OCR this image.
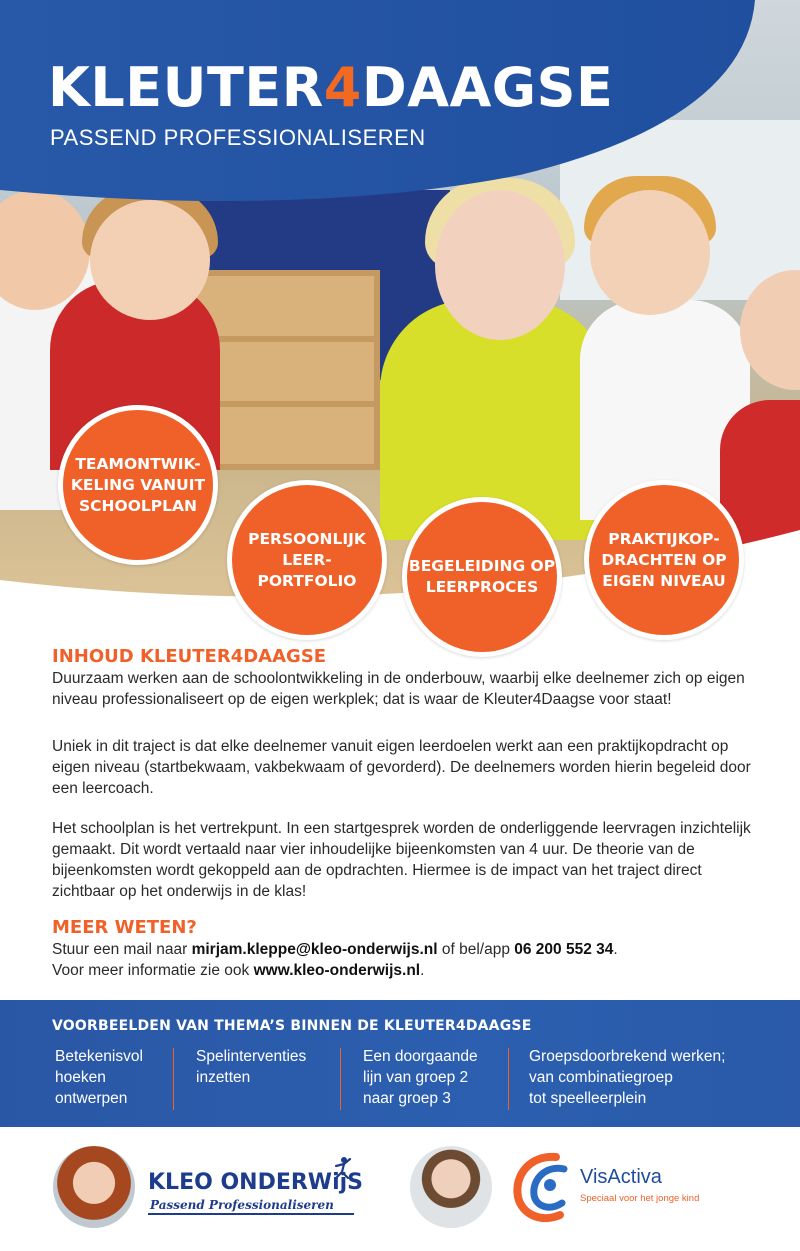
KLEUTER4DAAGSE
PASSEND PROFESSIONALISEREN
TEAMONTWIK-
KELING VANUIT
SCHOOLPLAN
PERSOONLIJK
LEER-
PORTFOLIO
BEGELEIDING OP
LEERPROCES
PRAKTIJKOP-
DRACHTEN OP
EIGEN NIVEAU
INHOUD KLEUTER4DAAGSE

Duurzaam werken aan de schoolontwikkeling in de onderbouw, waarbij elke deelnemer zich op eigen niveau professionaliseert op de eigen werkplek; dat is waar de Kleuter4Daagse voor staat!

Uniek in dit traject is dat elke deelnemer vanuit eigen leerdoelen werkt aan een praktijkopdracht op eigen niveau (startbekwaam, vakbekwaam of gevorderd). De deelnemers worden hierin begeleid door een leercoach.

Het schoolplan is het vertrekpunt. In een startgesprek worden de onderliggende leervragen inzichtelijk gemaakt. Dit wordt vertaald naar vier inhoudelijke bijeenkomsten van 4 uur. De theorie van de bijeenkomsten wordt gekoppeld aan de opdrachten. Hiermee is de impact van het traject direct zichtbaar op het onderwijs in de klas!

MEER WETEN?

Stuur een mail naar mirjam.kleppe@kleo-onderwijs.nl of bel/app 06 200 552 34.

Voor meer informatie zie ook www.kleo-onderwijs.nl.

VOORBEELDEN VAN THEMA’S BINNEN DE KLEUTER4DAAGSE
Betekenisvol
hoeken
ontwerpen
Spelinterventies
inzetten
Een doorgaande
lijn van groep 2
naar groep 3
Groepsdoorbrekend werken;
van combinatiegroep
tot speelleerplein
KLEO ONDERWijS
Passend Professionaliseren
VisActiva
Speciaal voor het jonge kind
